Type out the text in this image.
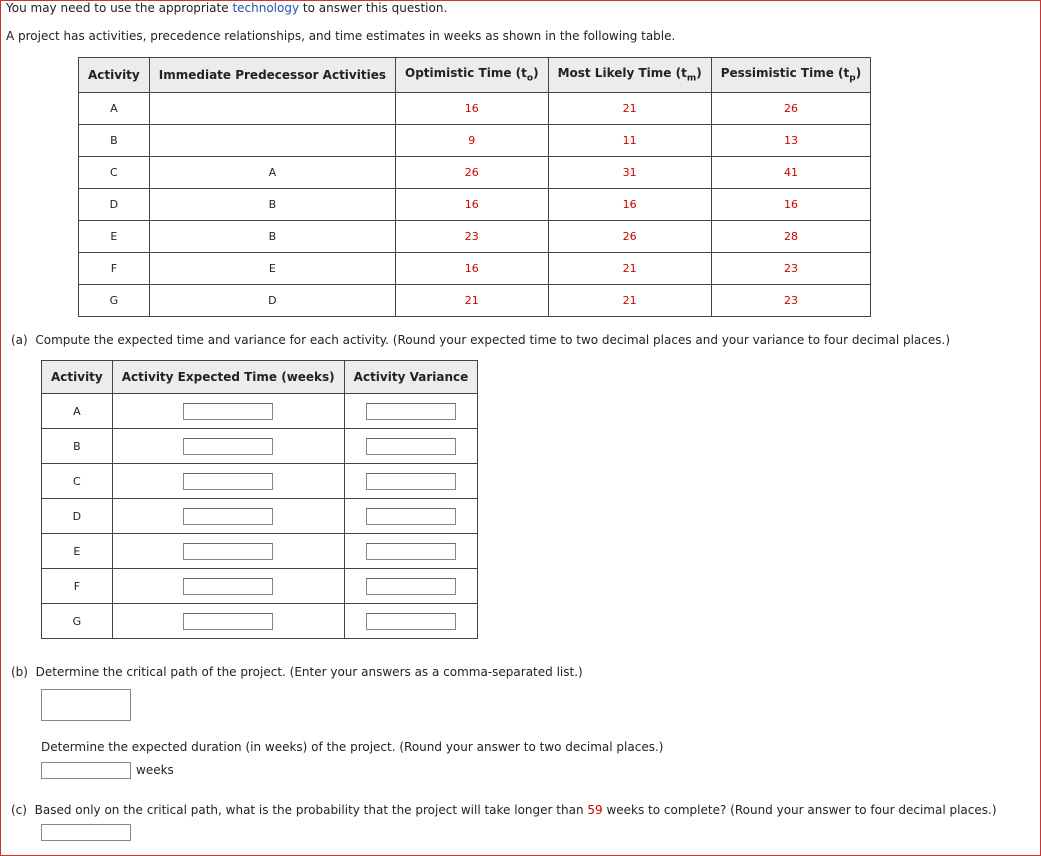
You may need to use the appropriate technology to answer this question.
A project has activities, precedence relationships, and time estimates in weeks as shown in the following table.
Activity	Immediate Predecessor Activities	Optimistic Time $(t_o)$	Most Likely Time $(t_m)$	Pessimistic Time $(t_p)$
A		16	21	26
B		9	11	13
C	A	26	31	41
D	B	16	16	16
E	B	23	26	28
F	E	16	21	23
G	D	21	21	23
(a) Compute the expected time and variance for each activity. (Round your expected time to two decimal places and your variance to four decimal places.)
Activity	Activity Expected Time (weeks)	Activity Variance
A		
B		
C		
D		
E		
F		
G		
(b) Determine the critical path of the project. (Enter your answers as a comma-separated list.)
Determine the expected duration (in weeks) of the project. (Round your answer to two decimal places.)
weeks
(c) Based only on the critical path, what is the probability that the project will take longer than 59 weeks to complete? (Round your answer to four decimal places.)
